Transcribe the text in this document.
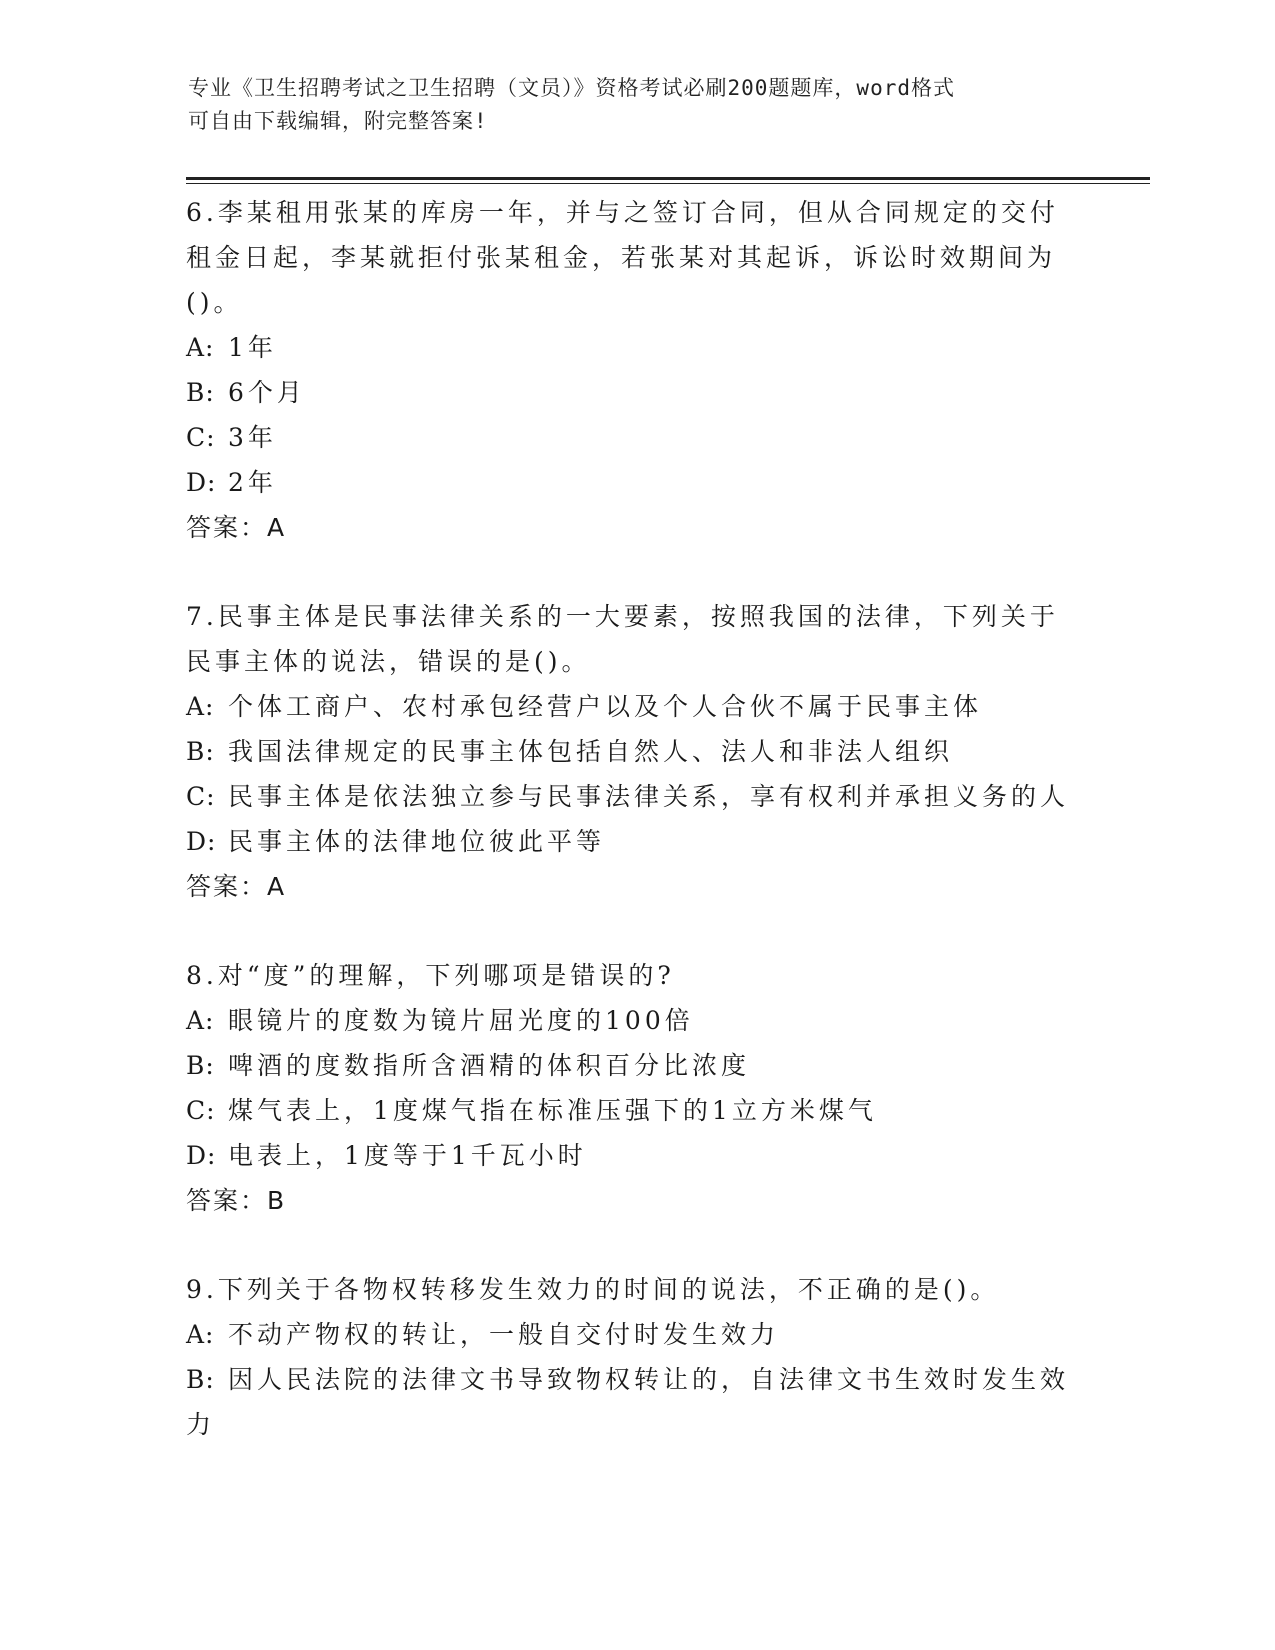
专业《卫生招聘考试之卫生招聘（文员）》资格考试必刷200题题库，word格式
可自由下载编辑，附完整答案!

6.李某租用张某的库房一年，并与之签订合同，但从合同规定的交付租金日起，李某就拒付张某租金，若张某对其起诉，诉讼时效期间为()。

A: 1年

B: 6个月

C: 3年

D: 2年

答案：A

7.民事主体是民事法律关系的一大要素，按照我国的法律，下列关于民事主体的说法，错误的是()。

A: 个体工商户、农村承包经营户以及个人合伙不属于民事主体

B: 我国法律规定的民事主体包括自然人、法人和非法人组织

C: 民事主体是依法独立参与民事法律关系，享有权利并承担义务的人

D: 民事主体的法律地位彼此平等

答案：A

8.对“度”的理解，下列哪项是错误的?

A: 眼镜片的度数为镜片屈光度的100倍

B: 啤酒的度数指所含酒精的体积百分比浓度

C: 煤气表上，1度煤气指在标准压强下的1立方米煤气

D: 电表上，1度等于1千瓦小时

答案：B

9.下列关于各物权转移发生效力的时间的说法，不正确的是()。

A: 不动产物权的转让，一般自交付时发生效力

B: 因人民法院的法律文书导致物权转让的，自法律文书生效时发生效力
